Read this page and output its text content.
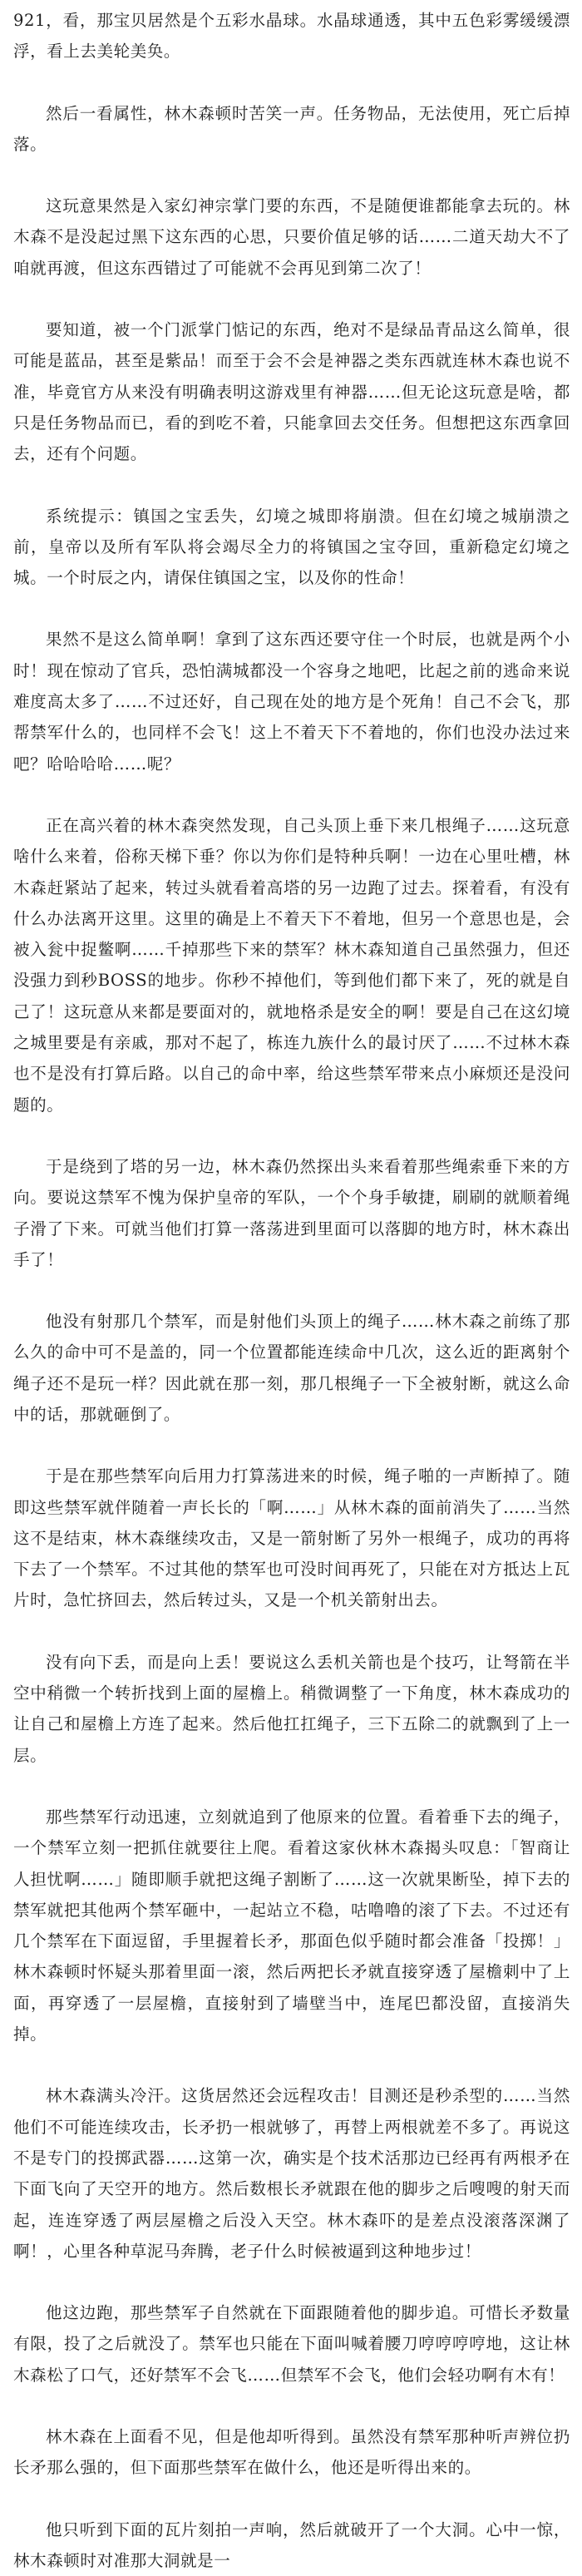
921，看，那宝贝居然是个五彩水晶球。水晶球通透，其中五色彩雾缓缓漂浮，看上去美轮美奂。

然后一看属性，林木森顿时苦笑一声。任务物品，无法使用，死亡后掉落。

这玩意果然是入家幻神宗掌门要的东西，不是随便谁都能拿去玩的。林木森不是没起过黑下这东西的心思，只要价值足够的话……二道天劫大不了咱就再渡，但这东西错过了可能就不会再见到第二次了！

要知道，被一个门派掌门惦记的东西，绝对不是绿品青品这么简单，很可能是蓝品，甚至是紫品！而至于会不会是神器之类东西就连林木森也说不准，毕竟官方从来没有明确表明这游戏里有神器……但无论这玩意是啥，都只是任务物品而已，看的到吃不着，只能拿回去交任务。但想把这东西拿回去，还有个问题。

系统提示：镇国之宝丢失，幻境之城即将崩溃。但在幻境之城崩溃之前，皇帝以及所有军队将会竭尽全力的将镇国之宝夺回，重新稳定幻境之城。一个时辰之内，请保住镇国之宝，以及你的性命！

果然不是这么简单啊！拿到了这东西还要守住一个时辰，也就是两个小时！现在惊动了官兵，恐怕满城都没一个容身之地吧，比起之前的逃命来说难度高太多了……不过还好，自己现在处的地方是个死角！自己不会飞，那帮禁军什么的，也同样不会飞！这上不着天下不着地的，你们也没办法过来吧？哈哈哈哈……呢？

正在高兴着的林木森突然发现，自己头顶上垂下来几根绳子……这玩意啥什么来着，俗称天梯下垂？你以为你们是特种兵啊！一边在心里吐槽，林木森赶紧站了起来，转过头就看着高塔的另一边跑了过去。探着看，有没有什么办法离开这里。这里的确是上不着天下不着地，但另一个意思也是，会被入瓮中捉鳖啊……千掉那些下来的禁军？林木森知道自己虽然强力，但还没强力到秒BOSS的地步。你秒不掉他们，等到他们都下来了，死的就是自己了！这玩意从来都是要面对的，就地格杀是安全的啊！要是自己在这幻境之城里要是有亲戚，那对不起了，栋连九族什么的最讨厌了……不过林木森也不是没有打算后路。以自己的命中率，给这些禁军带来点小麻烦还是没问题的。

于是绕到了塔的另一边，林木森仍然探出头来看着那些绳索垂下来的方向。要说这禁军不愧为保护皇帝的军队，一个个身手敏捷，刷刷的就顺着绳子滑了下来。可就当他们打算一落荡进到里面可以落脚的地方时，林木森出手了！

他没有射那几个禁军，而是射他们头顶上的绳子……林木森之前练了那么久的命中可不是盖的，同一个位置都能连续命中几次，这么近的距离射个绳子还不是玩一样？因此就在那一刻，那几根绳子一下全被射断，就这么命中的话，那就砸倒了。

于是在那些禁军向后用力打算荡进来的时候，绳子啪的一声断掉了。随即这些禁军就伴随着一声长长的「啊……」从林木森的面前消失了……当然这不是结束，林木森继续攻击，又是一箭射断了另外一根绳子，成功的再将下去了一个禁军。不过其他的禁军也可没时间再死了，只能在对方抵达上瓦片时，急忙挤回去，然后转过头，又是一个机关箭射出去。

没有向下丢，而是向上丢！要说这么丢机关箭也是个技巧，让弩箭在半空中稍微一个转折找到上面的屋檐上。稍微调整了一下角度，林木森成功的让自己和屋檐上方连了起来。然后他扛扛绳子，三下五除二的就飘到了上一层。

那些禁军行动迅速，立刻就追到了他原来的位置。看着垂下去的绳子，一个禁军立刻一把抓住就要往上爬。看着这家伙林木森揭头叹息：「智商让人担忧啊……」随即顺手就把这绳子割断了……这一次就果断坠，掉下去的禁军就把其他两个禁军砸中，一起站立不稳，咕噜噜的滚了下去。不过还有几个禁军在下面逗留，手里握着长矛，那面色似乎随时都会准备「投掷！」林木森顿时怀疑头那着里面一滚，然后两把长矛就直接穿透了屋檐刺中了上面，再穿透了一层屋檐，直接射到了墙壁当中，连尾巴都没留，直接消失掉。

林木森满头冷汗。这货居然还会远程攻击！目测还是秒杀型的……当然他们不可能连续攻击，长矛扔一根就够了，再替上两根就差不多了。再说这不是专门的投掷武器……这第一次，确实是个技术活那边已经再有两根矛在下面飞向了天空开的地方。然后数根长矛就跟在他的脚步之后嗖嗖的射天而起，连连穿透了两层屋檐之后没入天空。林木森吓的是差点没滚落深渊了啊！，心里各种草泥马奔腾，老子什么时候被逼到这种地步过！

他这边跑，那些禁军子自然就在下面跟随着他的脚步追。可惜长矛数量有限，投了之后就没了。禁军也只能在下面叫喊着腰刀哼哼哼哼地，这让林木森松了口气，还好禁军不会飞……但禁军不会飞，他们会轻功啊有木有！

林木森在上面看不见，但是他却听得到。虽然没有禁军那种听声辨位扔长矛那么强的，但下面那些禁军在做什么，他还是听得出来的。

他只听到下面的瓦片刻拍一声响，然后就破开了一个大洞。心中一惊，林木森顿时对准那大洞就是一
